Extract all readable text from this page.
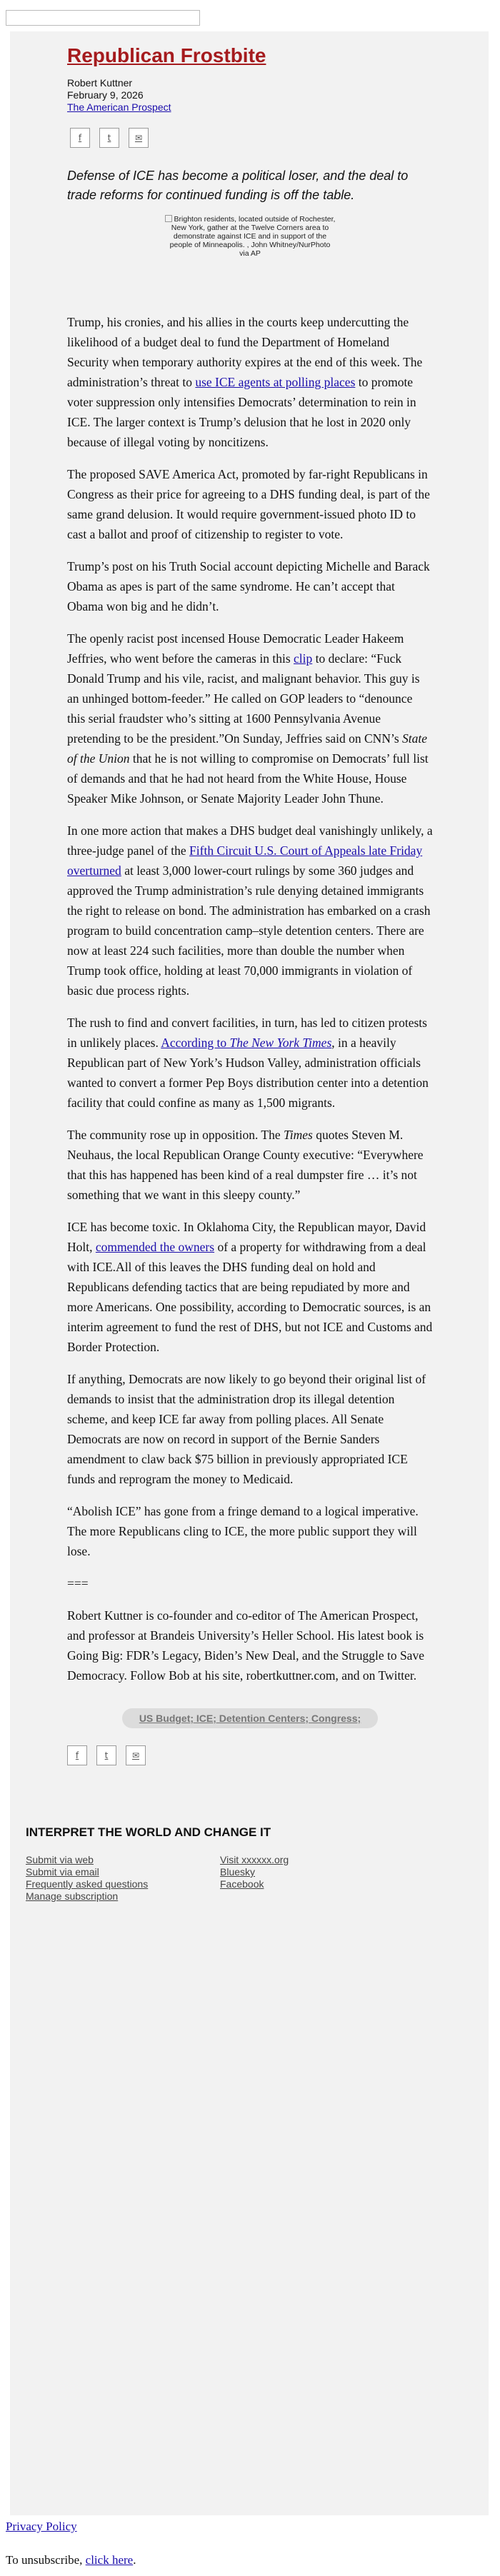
Republican Frostbite
Robert Kuttner
February 9, 2026
The American Prospect
f	t	✉

Defense of ICE has become a political loser, and the deal to trade reforms for continued funding is off the table.

Brighton residents, located outside of Rochester, New York, gather at the Twelve Corners area to demonstrate against ICE and in support of the people of Minneapolis. , John Whitney/NurPhoto via AP

Trump, his cronies, and his allies in the courts keep undercutting the likelihood of a budget deal to fund the Department of Homeland Security when temporary authority expires at the end of this week. The administration’s threat to use ICE agents at polling places to promote voter suppression only intensifies Democrats’ determination to rein in ICE. The larger context is Trump’s delusion that he lost in 2020 only because of illegal voting by noncitizens.

The proposed SAVE America Act, promoted by far-right Republicans in Congress as their price for agreeing to a DHS funding deal, is part of the same grand delusion. It would require government-issued photo ID to cast a ballot and proof of citizenship to register to vote.

Trump’s post on his Truth Social account depicting Michelle and Barack Obama as apes is part of the same syndrome. He can’t accept that Obama won big and he didn’t.

The openly racist post incensed House Democratic Leader Hakeem Jeffries, who went before the cameras in this clip to declare: “Fuck Donald Trump and his vile, racist, and malignant behavior. This guy is an unhinged bottom-feeder.” He called on GOP leaders to “denounce this serial fraudster who’s sitting at 1600 Pennsylvania Avenue pretending to be the president.”On Sunday, Jeffries said on CNN’s State of the Union that he is not willing to compromise on Democrats’ full list of demands and that he had not heard from the White House, House Speaker Mike Johnson, or Senate Majority Leader John Thune.

In one more action that makes a DHS budget deal vanishingly unlikely, a three-judge panel of the Fifth Circuit U.S. Court of Appeals late Friday overturned at least 3,000 lower-court rulings by some 360 judges and approved the Trump administration’s rule denying detained immigrants the right to release on bond. The administration has embarked on a crash program to build concentration camp–style detention centers. There are now at least 224 such facilities, more than double the number when Trump took office, holding at least 70,000 immigrants in violation of basic due process rights.

The rush to find and convert facilities, in turn, has led to citizen protests in unlikely places. According to The New York Times, in a heavily Republican part of New York’s Hudson Valley, administration officials wanted to convert a former Pep Boys distribution center into a detention facility that could confine as many as 1,500 migrants.

The community rose up in opposition. The Times quotes Steven M. Neuhaus, the local Republican Orange County executive: “Everywhere that this has happened has been kind of a real dumpster fire … it’s not something that we want in this sleepy county.”

ICE has become toxic. In Oklahoma City, the Republican mayor, David Holt, commended the owners of a property for withdrawing from a deal with ICE.All of this leaves the DHS funding deal on hold and Republicans defending tactics that are being repudiated by more and more Americans. One possibility, according to Democratic sources, is an interim agreement to fund the rest of DHS, but not ICE and Customs and Border Protection.

If anything, Democrats are now likely to go beyond their original list of demands to insist that the administration drop its illegal detention scheme, and keep ICE far away from polling places. All Senate Democrats are now on record in support of the Bernie Sanders amendment to claw back $75 billion in previously appropriated ICE funds and reprogram the money to Medicaid.

“Abolish ICE” has gone from a fringe demand to a logical imperative. The more Republicans cling to ICE, the more public support they will lose.

===

Robert Kuttner is co-founder and co-editor of The American Prospect, and professor at Brandeis University’s Heller School. His latest book is Going Big: FDR’s Legacy, Biden’s New Deal, and the Struggle to Save Democracy. Follow Bob at his site, robertkuttner.com, and on Twitter.

US Budget; ICE; Detention Centers; Congress;
f	t	✉
INTERPRET THE WORLD AND CHANGE IT
Submit via web
Submit via email
Frequently asked questions
Manage subscription
Visit xxxxxx.org
Bluesky
Facebook
Privacy Policy
To unsubscribe, click here.
